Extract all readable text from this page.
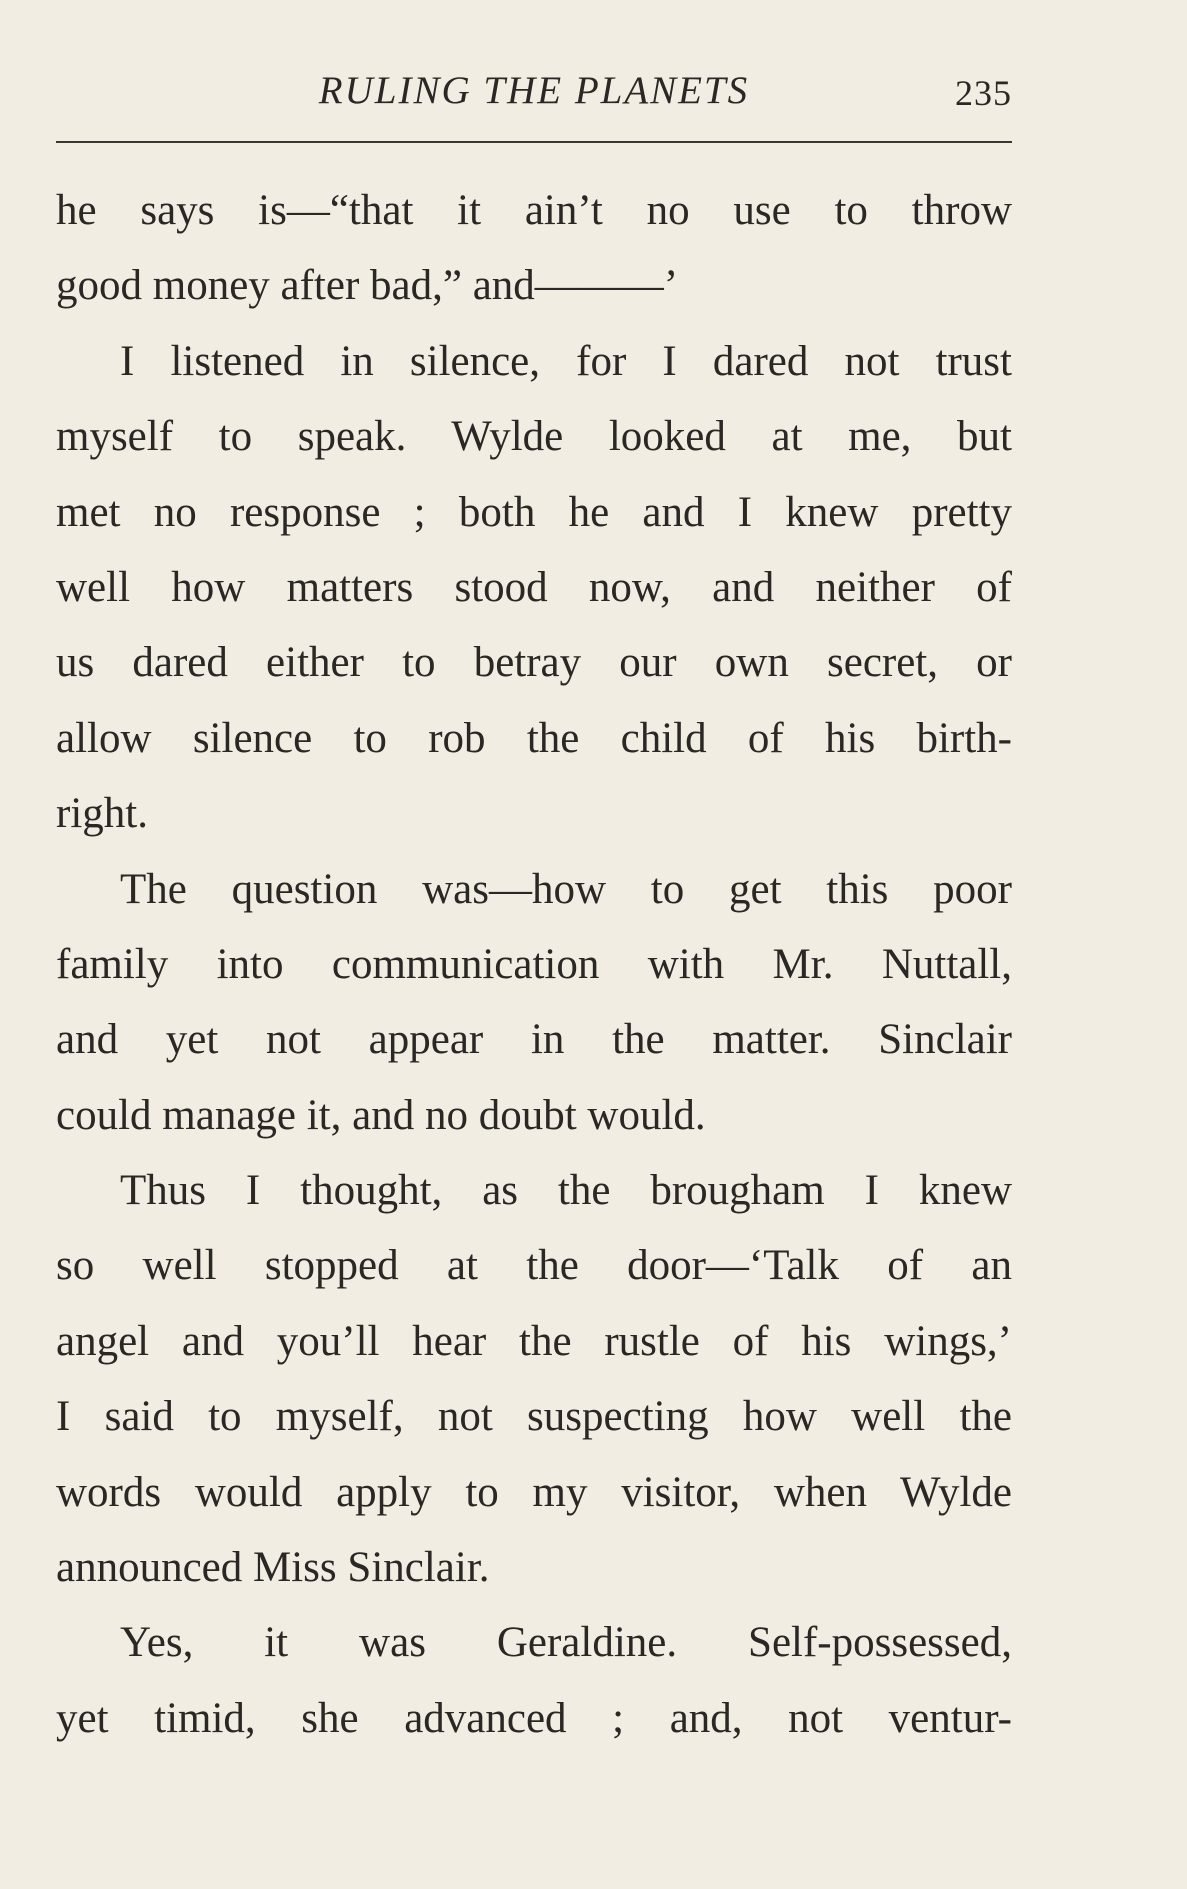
RULING THE PLANETS	235
he says is—“that it ain’t no use to throw
good money after bad,” and———’
I listened in silence, for I dared not trust
myself to speak. Wylde looked at me, but
met no response ; both he and I knew pretty
well how matters stood now, and neither of
us dared either to betray our own secret, or
allow silence to rob the child of his birth-
right.
The question was—how to get this poor
family into communication with Mr. Nuttall,
and yet not appear in the matter. Sinclair
could manage it, and no doubt would.
Thus I thought, as the brougham I knew
so well stopped at the door—‘Talk of an
angel and you’ll hear the rustle of his wings,’
I said to myself, not suspecting how well the
words would apply to my visitor, when Wylde
announced Miss Sinclair.
Yes, it was Geraldine. Self-possessed,
yet timid, she advanced ; and, not ventur-
